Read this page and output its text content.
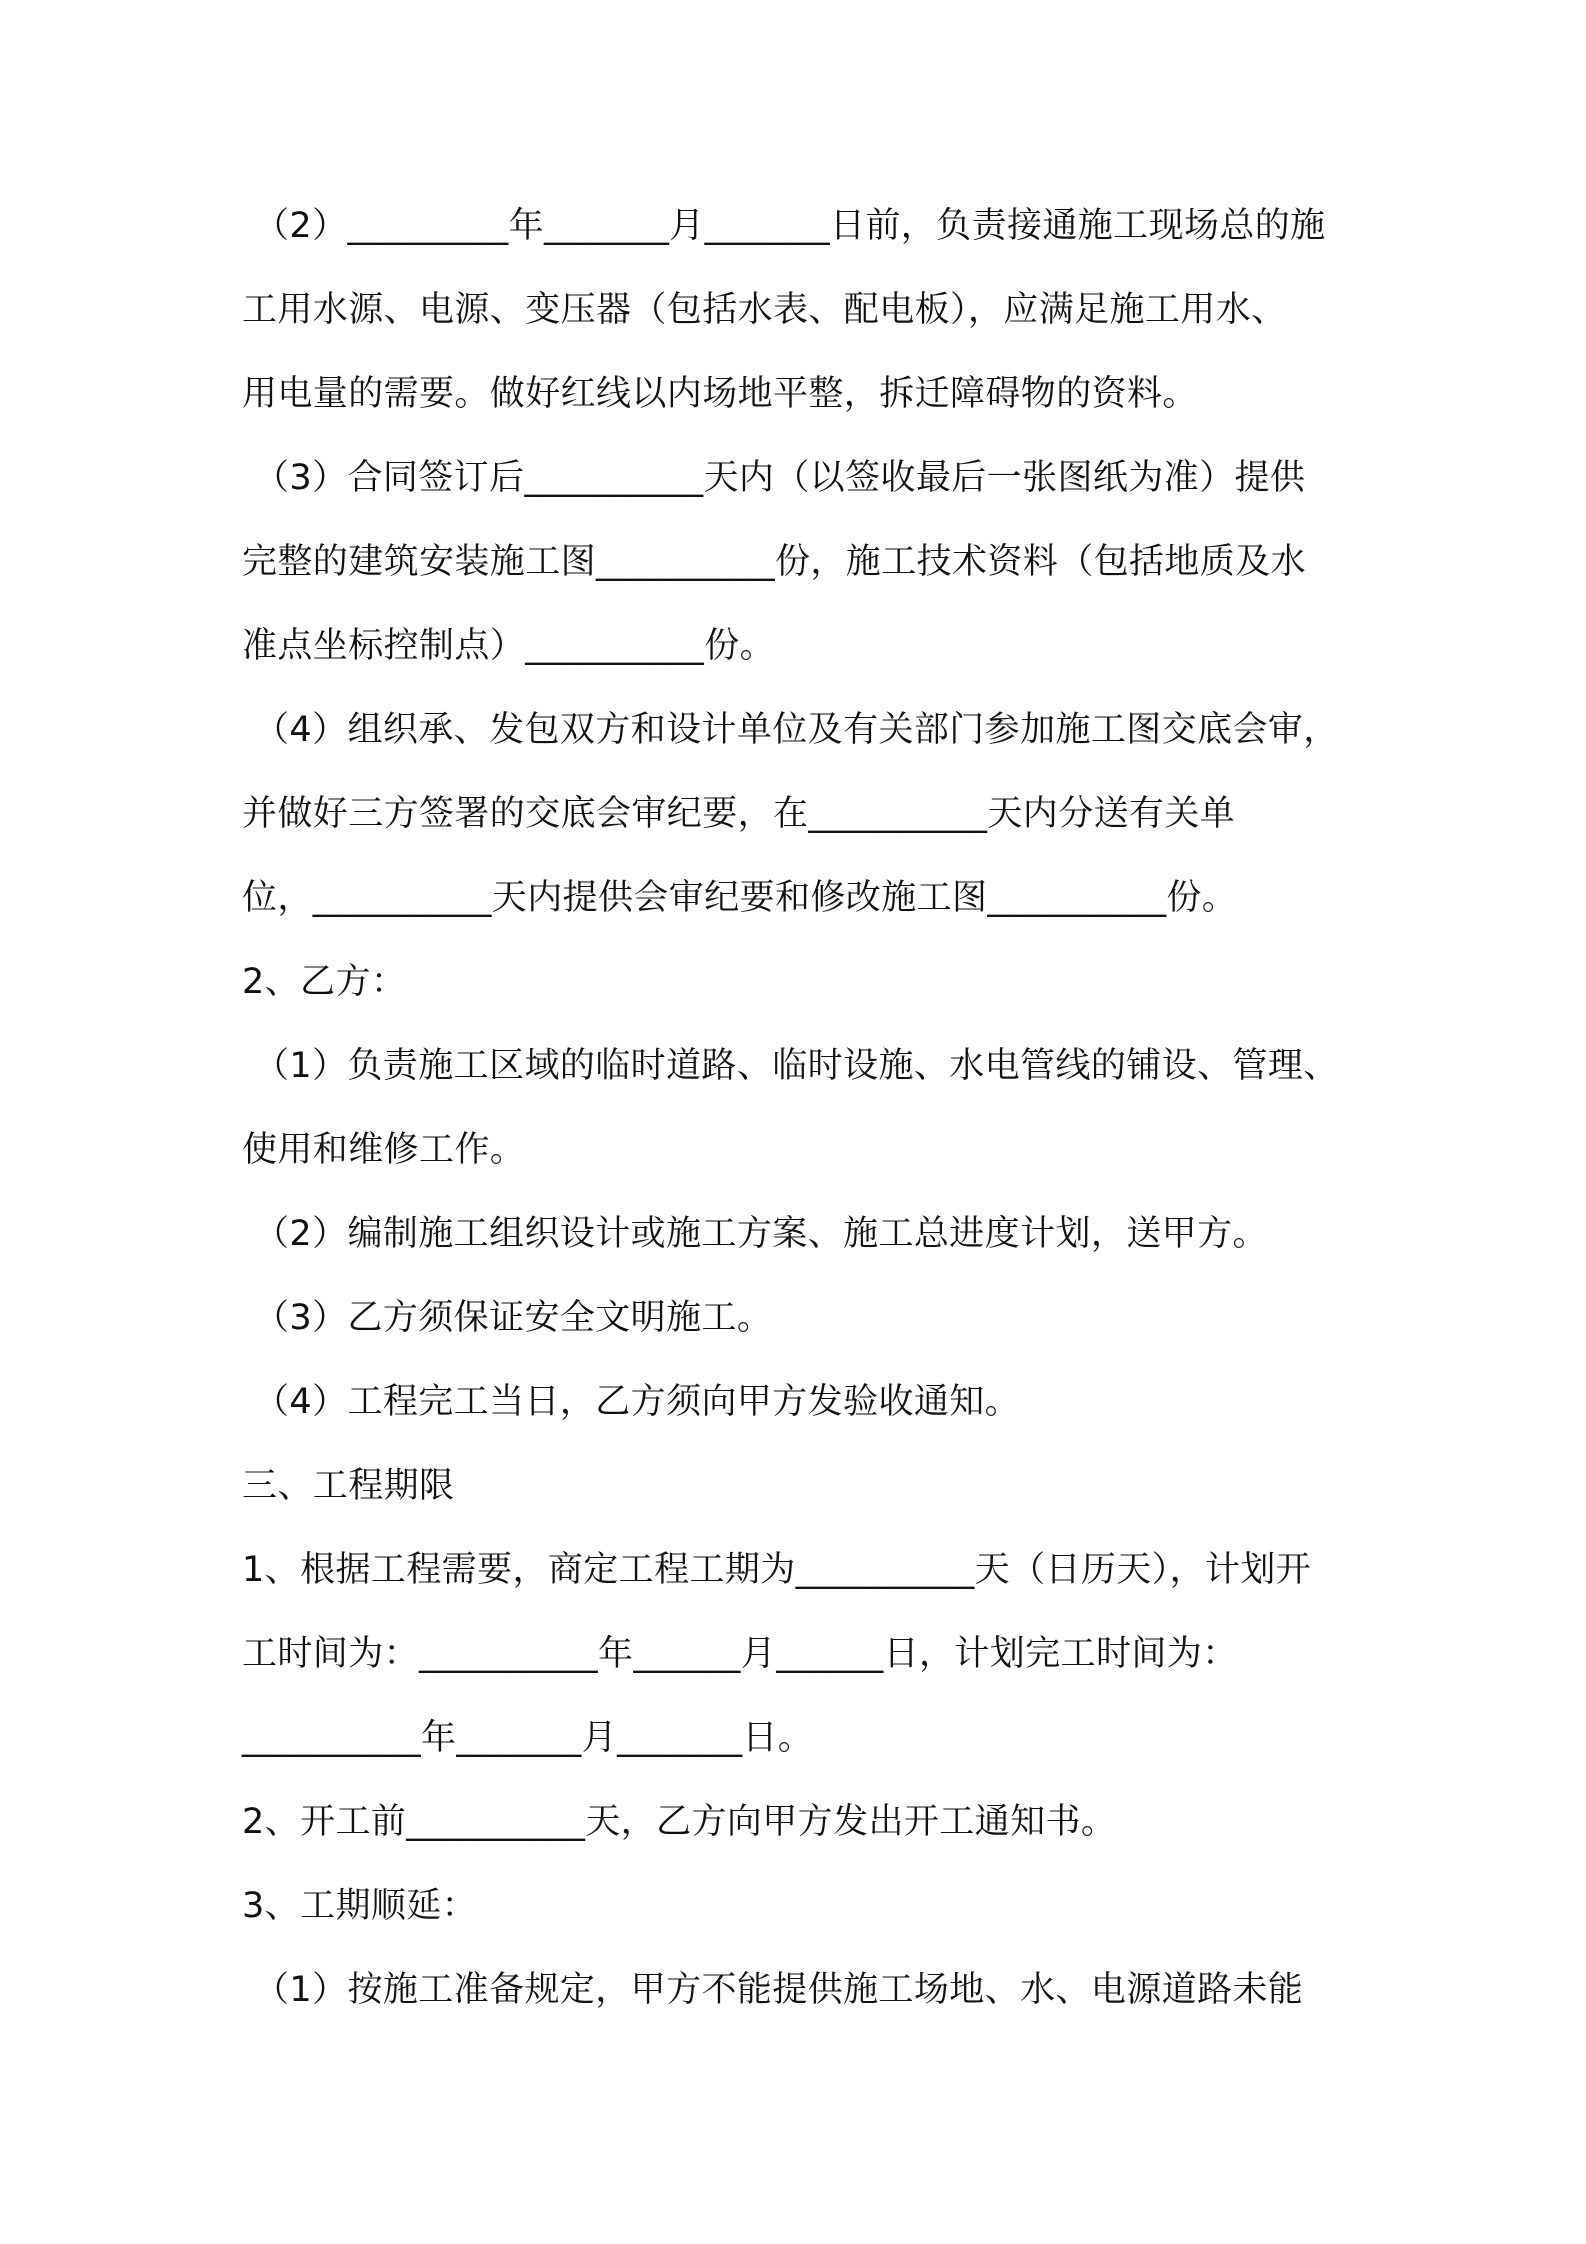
（2）_________年_______月_______日前，负责接通施工现场总的施
工用水源、电源、变压器（包括水表、配电板），应满足施工用水、
用电量的需要。做好红线以内场地平整，拆迁障碍物的资料。
（3）合同签订后__________天内（以签收最后一张图纸为准）提供
完整的建筑安装施工图__________份，施工技术资料（包括地质及水
准点坐标控制点）__________份。
（4）组织承、发包双方和设计单位及有关部门参加施工图交底会审，
并做好三方签署的交底会审纪要，在__________天内分送有关单
位，__________天内提供会审纪要和修改施工图__________份。
2、乙方：
（1）负责施工区域的临时道路、临时设施、水电管线的铺设、管理、
使用和维修工作。
（2）编制施工组织设计或施工方案、施工总进度计划，送甲方。
（3）乙方须保证安全文明施工。
（4）工程完工当日，乙方须向甲方发验收通知。
三、工程期限
1、根据工程需要，商定工程工期为__________天（日历天），计划开
工时间为：__________年______月______日，计划完工时间为：
__________年_______月_______日。
2、开工前__________天，乙方向甲方发出开工通知书。
3、工期顺延：
（1）按施工准备规定，甲方不能提供施工场地、水、电源道路未能
